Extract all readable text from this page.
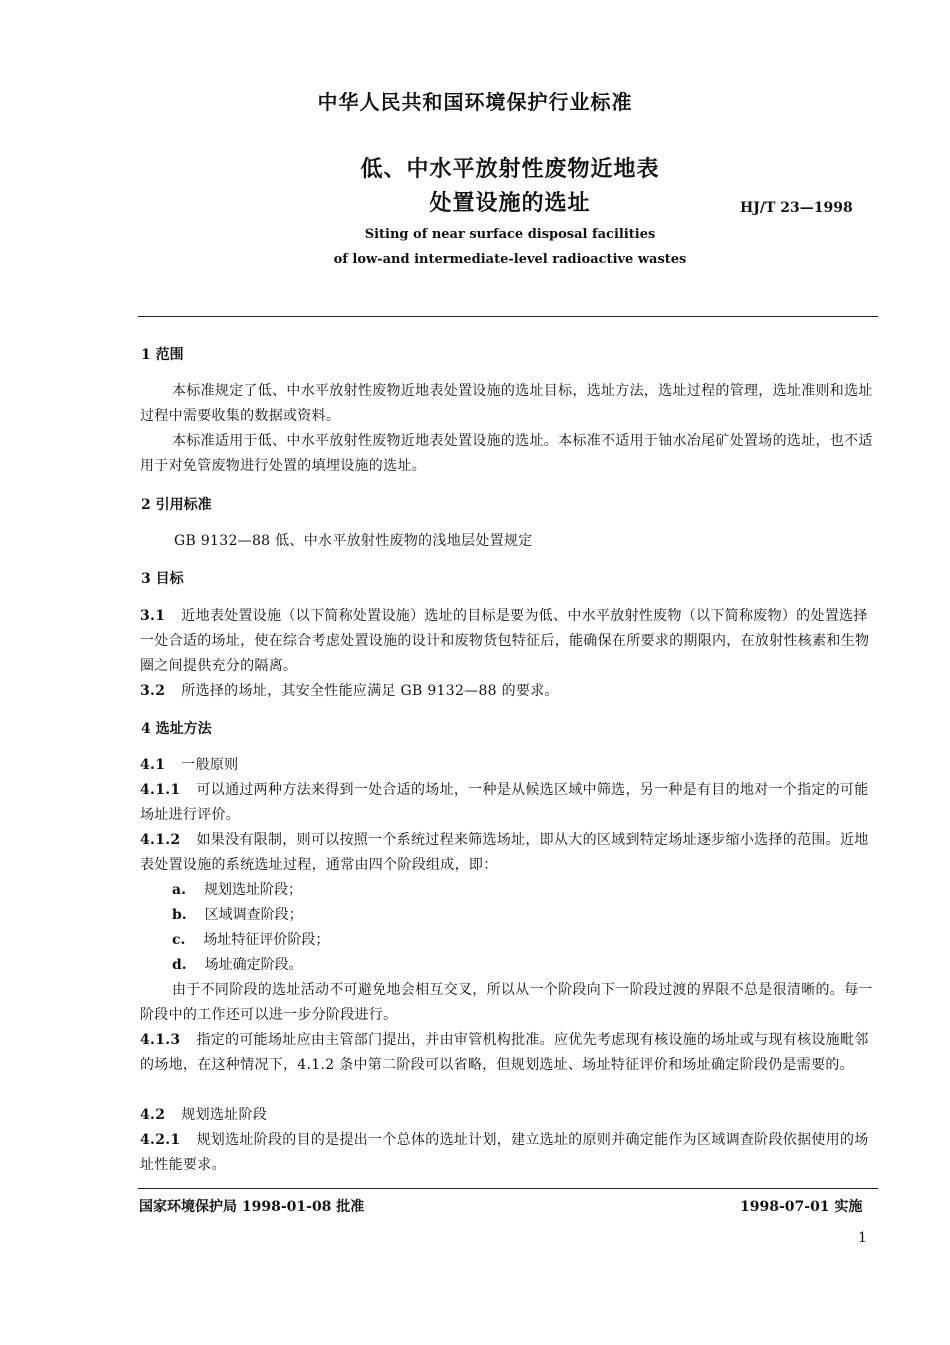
中华人民共和国环境保护行业标准
低、中水平放射性废物近地表
处置设施的选址	HJ/T 23—1998
Siting of near surface disposal facilities
of low-and intermediate-level radioactive wastes
1 范围
本标准规定了低、中水平放射性废物近地表处置设施的选址目标，选址方法，选址过程的管理，选址准则和选址过程中需要收集的数据或资料。
本标准适用于低、中水平放射性废物近地表处置设施的选址。本标准不适用于铀水冶尾矿处置场的选址，也不适用于对免管废物进行处置的填埋设施的选址。
2 引用标准
GB 9132—88 低、中水平放射性废物的浅地层处置规定
3 目标
3.1 近地表处置设施（以下简称处置设施）选址的目标是要为低、中水平放射性废物（以下简称废物）的处置选择一处合适的场址，使在综合考虑处置设施的设计和废物货包特征后，能确保在所要求的期限内，在放射性核素和生物圈之间提供充分的隔离。
3.2 所选择的场址，其安全性能应满足 GB 9132—88 的要求。
4 选址方法
4.1 一般原则
4.1.1 可以通过两种方法来得到一处合适的场址，一种是从候选区域中筛选，另一种是有目的地对一个指定的可能场址进行评价。
4.1.2 如果没有限制，则可以按照一个系统过程来筛选场址，即从大的区域到特定场址逐步缩小选择的范围。近地表处置设施的系统选址过程，通常由四个阶段组成，即：
a. 规划选址阶段；
b. 区域调查阶段；
c. 场址特征评价阶段；
d. 场址确定阶段。
由于不同阶段的选址活动不可避免地会相互交叉，所以从一个阶段向下一阶段过渡的界限不总是很清晰的。每一阶段中的工作还可以进一步分阶段进行。
4.1.3 指定的可能场址应由主管部门提出，并由审管机构批准。应优先考虑现有核设施的场址或与现有核设施毗邻的场地，在这种情况下，4.1.2 条中第二阶段可以省略，但规划选址、场址特征评价和场址确定阶段仍是需要的。
4.2 规划选址阶段
4.2.1 规划选址阶段的目的是提出一个总体的选址计划，建立选址的原则并确定能作为区域调查阶段依据使用的场址性能要求。
国家环境保护局 1998-01-08 批准	1998-07-01 实施
1
